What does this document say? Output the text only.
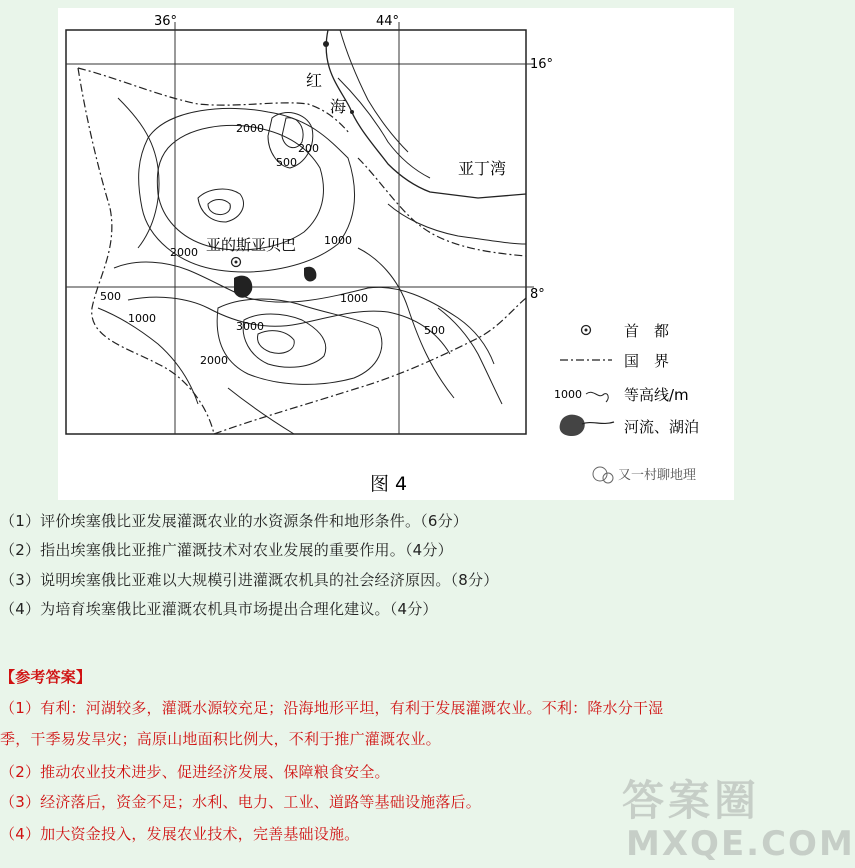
36°	44°
16°
8°
红
海
亚丁湾
亚的斯亚贝巴
2000
200
500
2000
1000
500
1000
1000
3000	500
2000
首　都
国　界
1000	等高线/m
河流、湖泊
图 4	又一村聊地理
（1）评价埃塞俄比亚发展灌溉农业的水资源条件和地形条件。（6分）
（2）指出埃塞俄比亚推广灌溉技术对农业发展的重要作用。（4分）
（3）说明埃塞俄比亚难以大规模引进灌溉农机具的社会经济原因。（8分）
（4）为培育埃塞俄比亚灌溉农机具市场提出合理化建议。（4分）
【参考答案】
（1）有利：河湖较多，灌溉水源较充足；沿海地形平坦，有利于发展灌溉农业。不利：降水分干湿
季，干季易发旱灾；高原山地面积比例大，不利于推广灌溉农业。
（2）推动农业技术进步、促进经济发展、保障粮食安全。
（3）经济落后，资金不足；水利、电力、工业、道路等基础设施落后。
（4）加大资金投入，发展农业技术，完善基础设施。
答案圈
MXQE.COM
